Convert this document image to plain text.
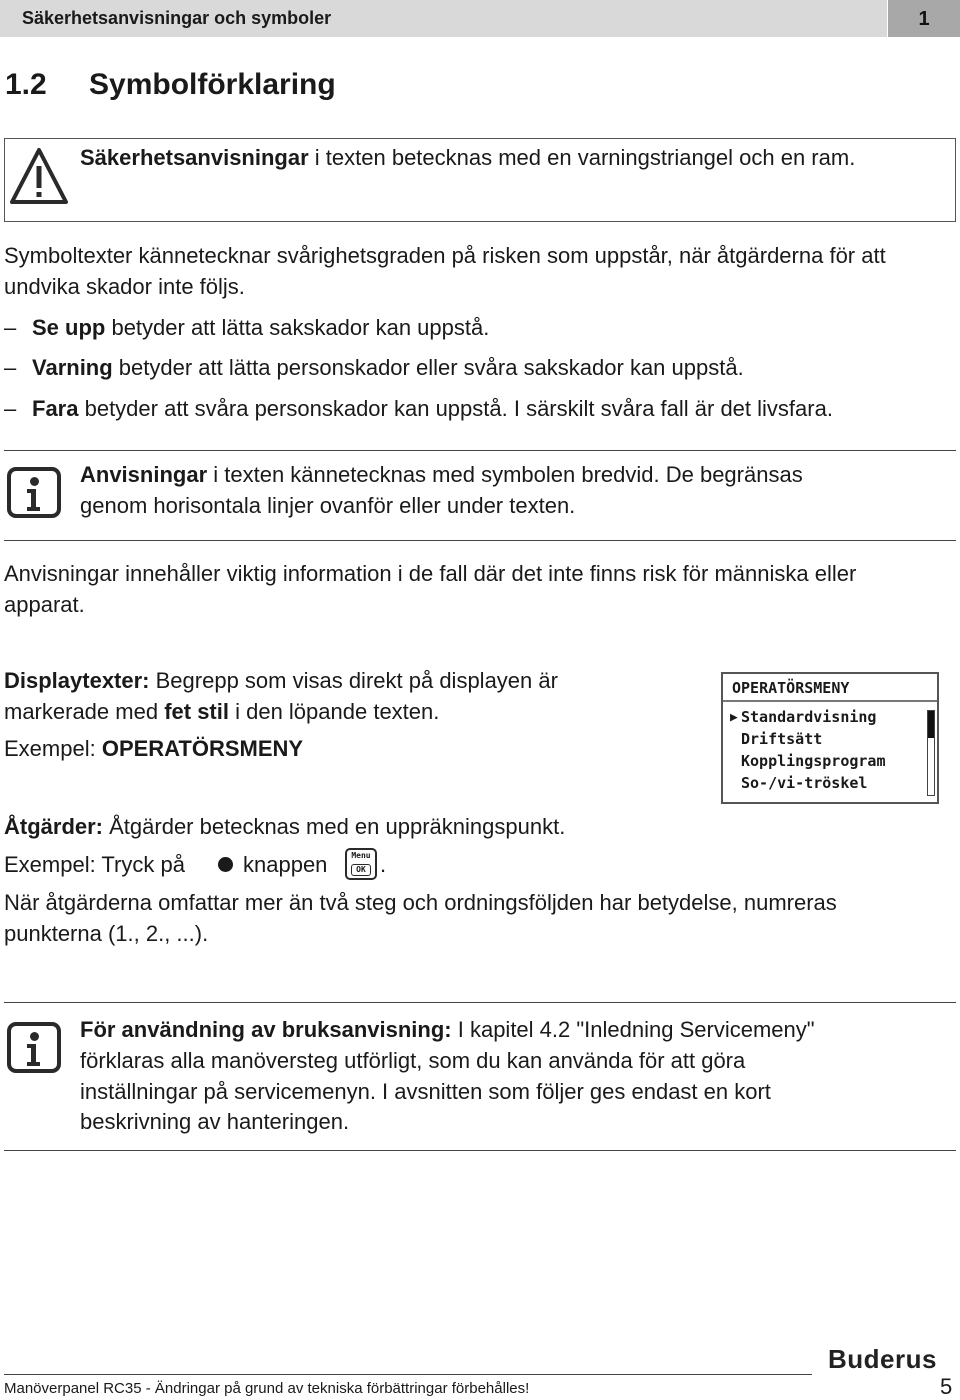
Säkerhetsanvisningar och symboler	1
1.2 Symbolförklaring
Säkerhetsanvisningar i texten betecknas med en varningstriangel och en ram.
Symboltexter kännetecknar svårighetsgraden på risken som uppstår, när åtgärderna för att
undvika skador inte följs.
– Se upp betyder att lätta sakskador kan uppstå.
– Varning betyder att lätta personskador eller svåra sakskador kan uppstå.
– Fara betyder att svåra personskador kan uppstå. I särskilt svåra fall är det livsfara.
Anvisningar i texten kännetecknas med symbolen bredvid. De begränsas
genom horisontala linjer ovanför eller under texten.
Anvisningar innehåller viktig information i de fall där det inte finns risk för människa eller
apparat.
Displaytexter: Begrepp som visas direkt på displayen är
markerade med fet stil i den löpande texten.
Exempel: OPERATÖRSMENY
OPERATÖRSMENY
▶ Standardvisning
Driftsätt
Kopplingsprogram
So-/vi-tröskel
Åtgärder: Åtgärder betecknas med en uppräkningspunkt.
Exempel: Tryck på	knappen	Menu
OK .
När åtgärderna omfattar mer än två steg och ordningsföljden har betydelse, numreras
punkterna (1., 2., ...).
För användning av bruksanvisning: I kapitel 4.2 "Inledning Servicemeny"
förklaras alla manöversteg utförligt, som du kan använda för att göra
inställningar på servicemenyn. I avsnitten som följer ges endast en kort
beskrivning av hanteringen.
Buderus
Manöverpanel RC35 - Ändringar på grund av tekniska förbättringar förbehålles!	5
